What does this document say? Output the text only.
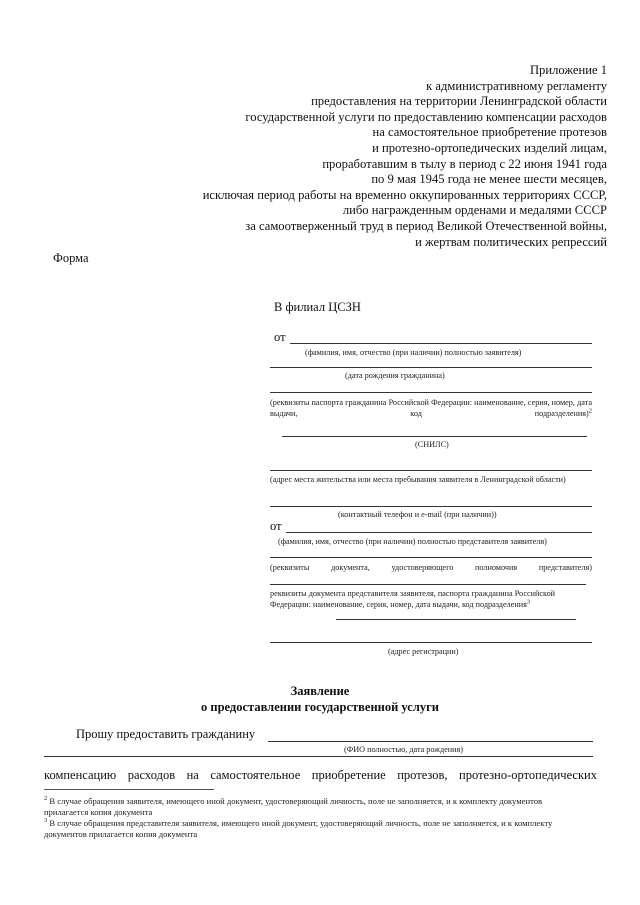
Приложение 1
к административному регламенту
предоставления на территории Ленинградской области
государственной услуги по предоставлению компенсации расходов
на самостоятельное приобретение протезов
и протезно-ортопедических изделий лицам,
проработавшим в тылу в период с 22 июня 1941 года
по 9 мая 1945 года не менее шести месяцев,
исключая период работы на временно оккупированных территориях СССР,
либо награжденным орденами и медалями СССР
за самоотверженный труд в период Великой Отечественной войны,
и жертвам политических репрессий
Форма
В филиал ЦСЗН
от
(фамилия, имя, отчество (при наличии) полностью заявителя)
(дата рождения гражданина)
(реквизиты паспорта гражданина Российской Федерации: наименование, серия, номер, дата выдачи, код подразделения)$^2$
(СНИЛС)
(адрес места жительства или места пребывания заявителя в Ленинградской области)
(контактный телефон и e-mail (при наличии))
от
(фамилия, имя, отчество (при наличии) полностью представителя заявителя)
(реквизиты документа, удостоверяющего полномочия представителя)
реквизиты документа представителя заявителя, паспорта гражданина Российской Федерации: наименование, серия, номер, дата выдачи, код подразделения$^3$
(адрес регистрации)
Заявление
о предоставлении государственной услуги
Прошу предоставить гражданину
(ФИО полностью, дата рождения)
компенсацию расходов на самостоятельное приобретение протезов, протезно-ортопедических
$^2$ В случае обращения заявителя, имеющего иной документ, удостоверяющий личность, поле не заполняется, и к комплекту документов прилагается копия документа
$^3$ В случае обращения представителя заявителя, имеющего иной документ, удостоверяющий личность, поле не заполняется, и к комплекту документов прилагается копия документа
